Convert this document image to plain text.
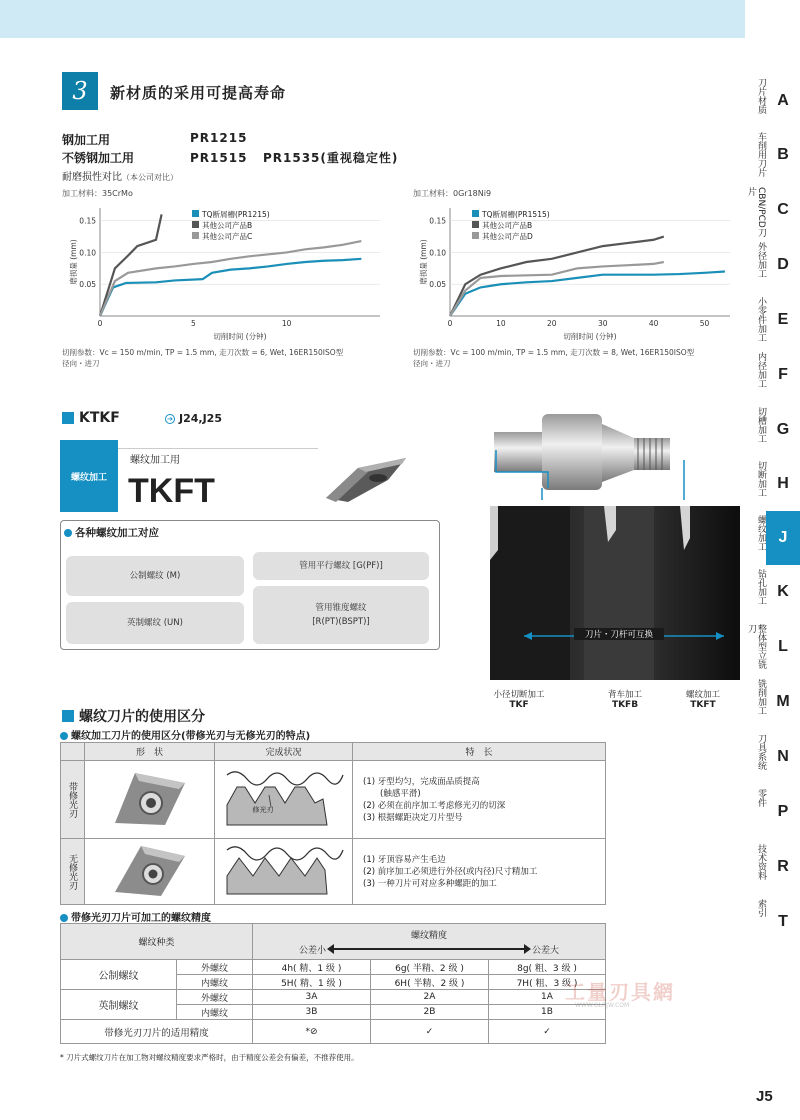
3	新材质的采用可提高寿命
钢加工用	PR1215
不锈钢加工用	PR1515   PR1535(重视稳定性)
耐磨损性对比（本公司对比）
加工材料：35CrMo
0.05
0.10
0.15
0	5	10
切削时间 (分钟)
磨损量 (mm)
TQ断屑槽(PR1215)
其他公司产品B
其他公司产品C
切削参数：Vc = 150 m/min, TP = 1.5 mm, 走刀次数 = 6, Wet, 16ER150ISO型
径向・进刀
加工材料：0Gr18Ni9
0.05
0.10
0.15
0	10	20	30	40	50
切削时间 (分钟)
磨损量 (mm)
TQ断屑槽(PR1515)
其他公司产品B
其他公司产品D
切削参数：Vc = 100 m/min, TP = 1.5 mm, 走刀次数 = 8, Wet, 16ER150ISO型
径向・进刀
KTKF	➔ J24,J25
螺纹加工
螺纹加工用
TKFT
各种螺纹加工对应
公制螺纹 (M)
英制螺纹 (UN)
管用平行螺纹 [G(PF)]
管用锥度螺纹
[R(PT)(BSPT)]
刀片・刀杆可互换
小径切断加工
TKF
背车加工
TKFB
螺纹加工
TKFT
螺纹刀片的使用区分
螺纹加工刀片的使用区分(带修光刃与无修光刃的特点)
	形　状	完成状况	特　长
带修光刃		修光刃	(1) 牙型均匀，完成面品质提高
　　(触感平滑)
(2) 必须在前序加工考虑修光刃的切深
(3) 根据螺距决定刀片型号

无修光刃			(1) 牙顶容易产生毛边
(2) 前序加工必须进行外径(或内径)尺寸精加工
(3) 一种刀片可对应多种螺距的加工
带修光刃刀片可加工的螺纹精度
螺纹种类		螺纹精度
公差小 公差大		

公制螺纹	外螺纹	4h( 精、1 级 )	6g( 半精、2 级 )	8g( 粗、3 级 )
	内螺纹	5H( 精、1 级 )	6H( 半精、2 级 )	7H( 粗、3 级 )
英制螺纹	外螺纹	3A	2A	1A
	内螺纹	3B	2B	1B
带修光刃刀片的适用精度		*⊘	✓	✓
* 刀片式螺纹刀片在加工物对螺纹精度要求严格时，由于精度公差会有偏差，不推荐使用。
工量刃具網
WWW.GLRJW.COM
刀片材质 A
车削用刀片 B
CBN/PCD刀片
C
外径加工 D
小零件加工 E
内径加工 F
切槽加工 G
切断加工 H
螺纹加工 J
钻孔加工 K
整体型立铣刀
L
铣削加工 M
刀具系统 N
零件
P
技术资料 R
索引
T
J5
